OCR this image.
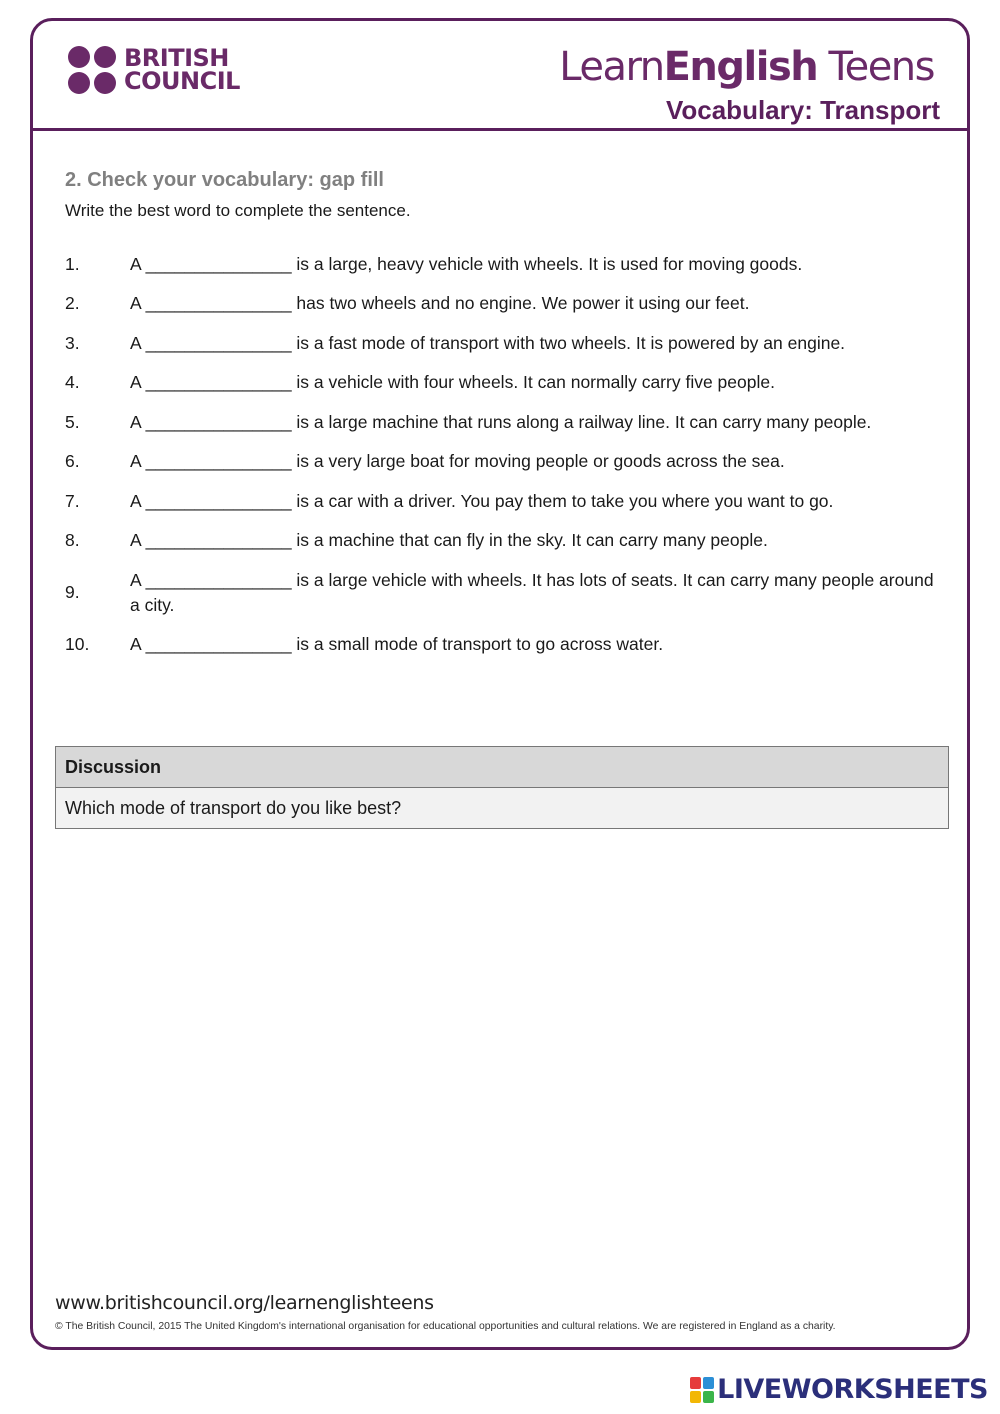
BRITISH
COUNCIL	LearnEnglish Teens
Vocabulary: Transport
2. Check your vocabulary: gap fill
Write the best word to complete the sentence.
1.	A _______________ is a large, heavy vehicle with wheels. It is used for moving goods.
2.	A _______________ has two wheels and no engine. We power it using our feet.
3.	A _______________ is a fast mode of transport with two wheels. It is powered by an engine.
4.	A _______________ is a vehicle with four wheels. It can normally carry five people.
5.	A _______________ is a large machine that runs along a railway line. It can carry many people.
6.	A _______________ is a very large boat for moving people or goods across the sea.
7.	A _______________ is a car with a driver. You pay them to take you where you want to go.
8.	A _______________ is a machine that can fly in the sky. It can carry many people.
9.
A _______________ is a large vehicle with wheels. It has lots of seats. It can carry many people around a city.
10. A _______________ is a small mode of transport to go across water.
Discussion
Which mode of transport do you like best?
www.britishcouncil.org/learnenglishteens
© The British Council, 2015 The United Kingdom's international organisation for educational opportunities and cultural relations. We are registered in England as a charity.
LIVEWORKSHEETS
